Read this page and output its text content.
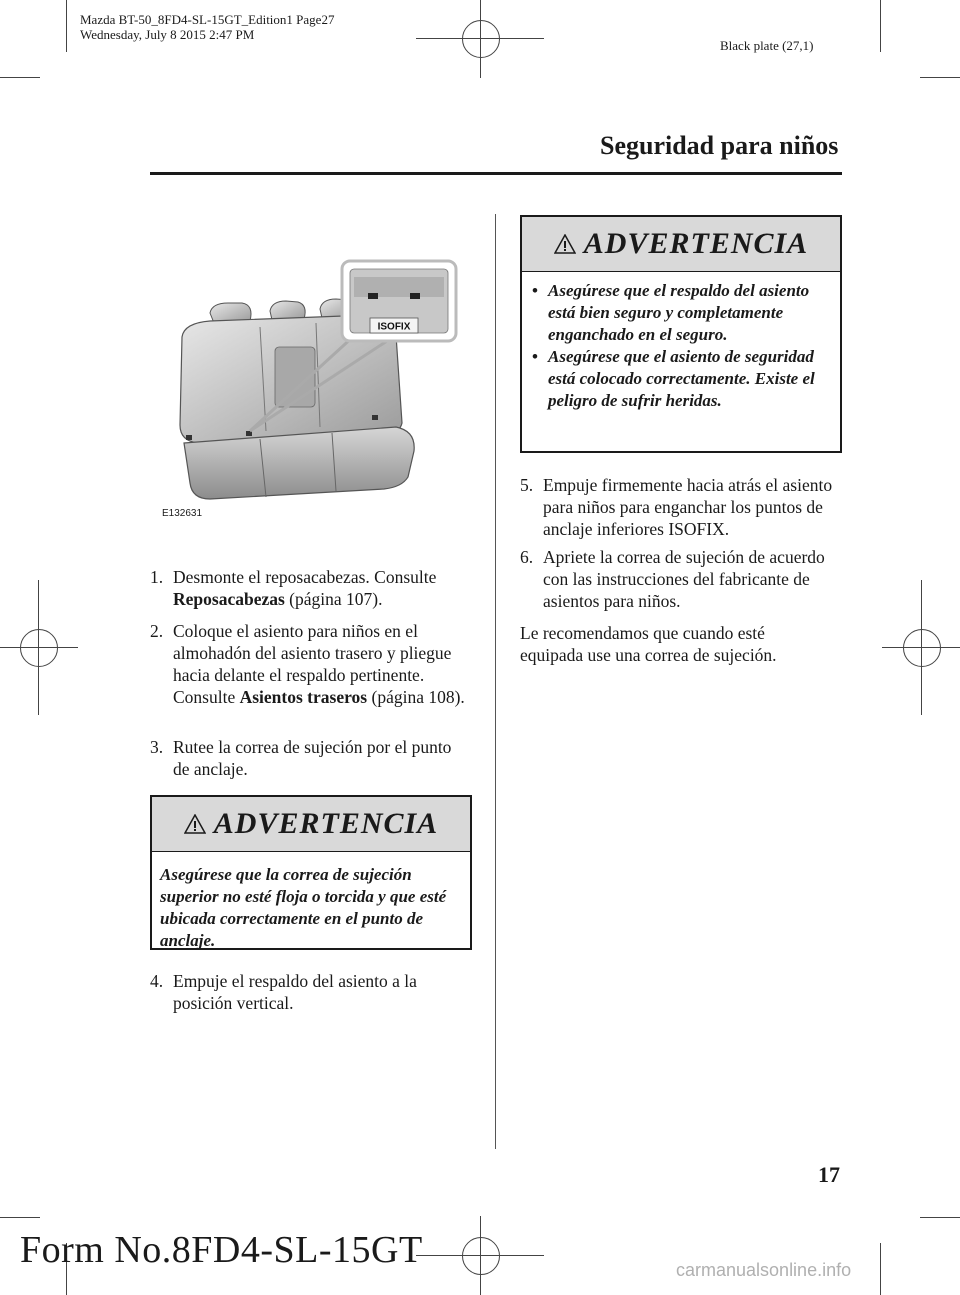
Mazda BT-50_8FD4-SL-15GT_Edition1 Page27
Wednesday, July 8 2015 2:47 PM
Black plate (27,1)
Seguridad para niños
ISOFIX
E132631
1. Desmonte el reposacabezas. Consulte
Reposacabezas (página 107).
2. Coloque el asiento para niños en el almohadón del asiento trasero y pliegue hacia delante el respaldo pertinente. Consulte Asientos traseros (página 108).
3. Rutee la correa de sujeción por el punto de anclaje.
ADVERTENCIA
Asegúrese que la correa de sujeción superior no esté floja o torcida y que esté ubicada correctamente en el punto de anclaje.
4. Empuje el respaldo del asiento a la posición vertical.
ADVERTENCIA
• Asegúrese que el respaldo del asiento está bien seguro y completamente enganchado en el seguro.
• Asegúrese que el asiento de seguridad está colocado correctamente. Existe el peligro de sufrir heridas.
5. Empuje firmemente hacia atrás el asiento para niños para enganchar los puntos de anclaje inferiores ISOFIX.
6. Apriete la correa de sujeción de acuerdo con las instrucciones del fabricante de asientos para niños.
Le recomendamos que cuando esté equipada use una correa de sujeción.
17
Form No.8FD4-SL-15GT	carmanualsonline.info
